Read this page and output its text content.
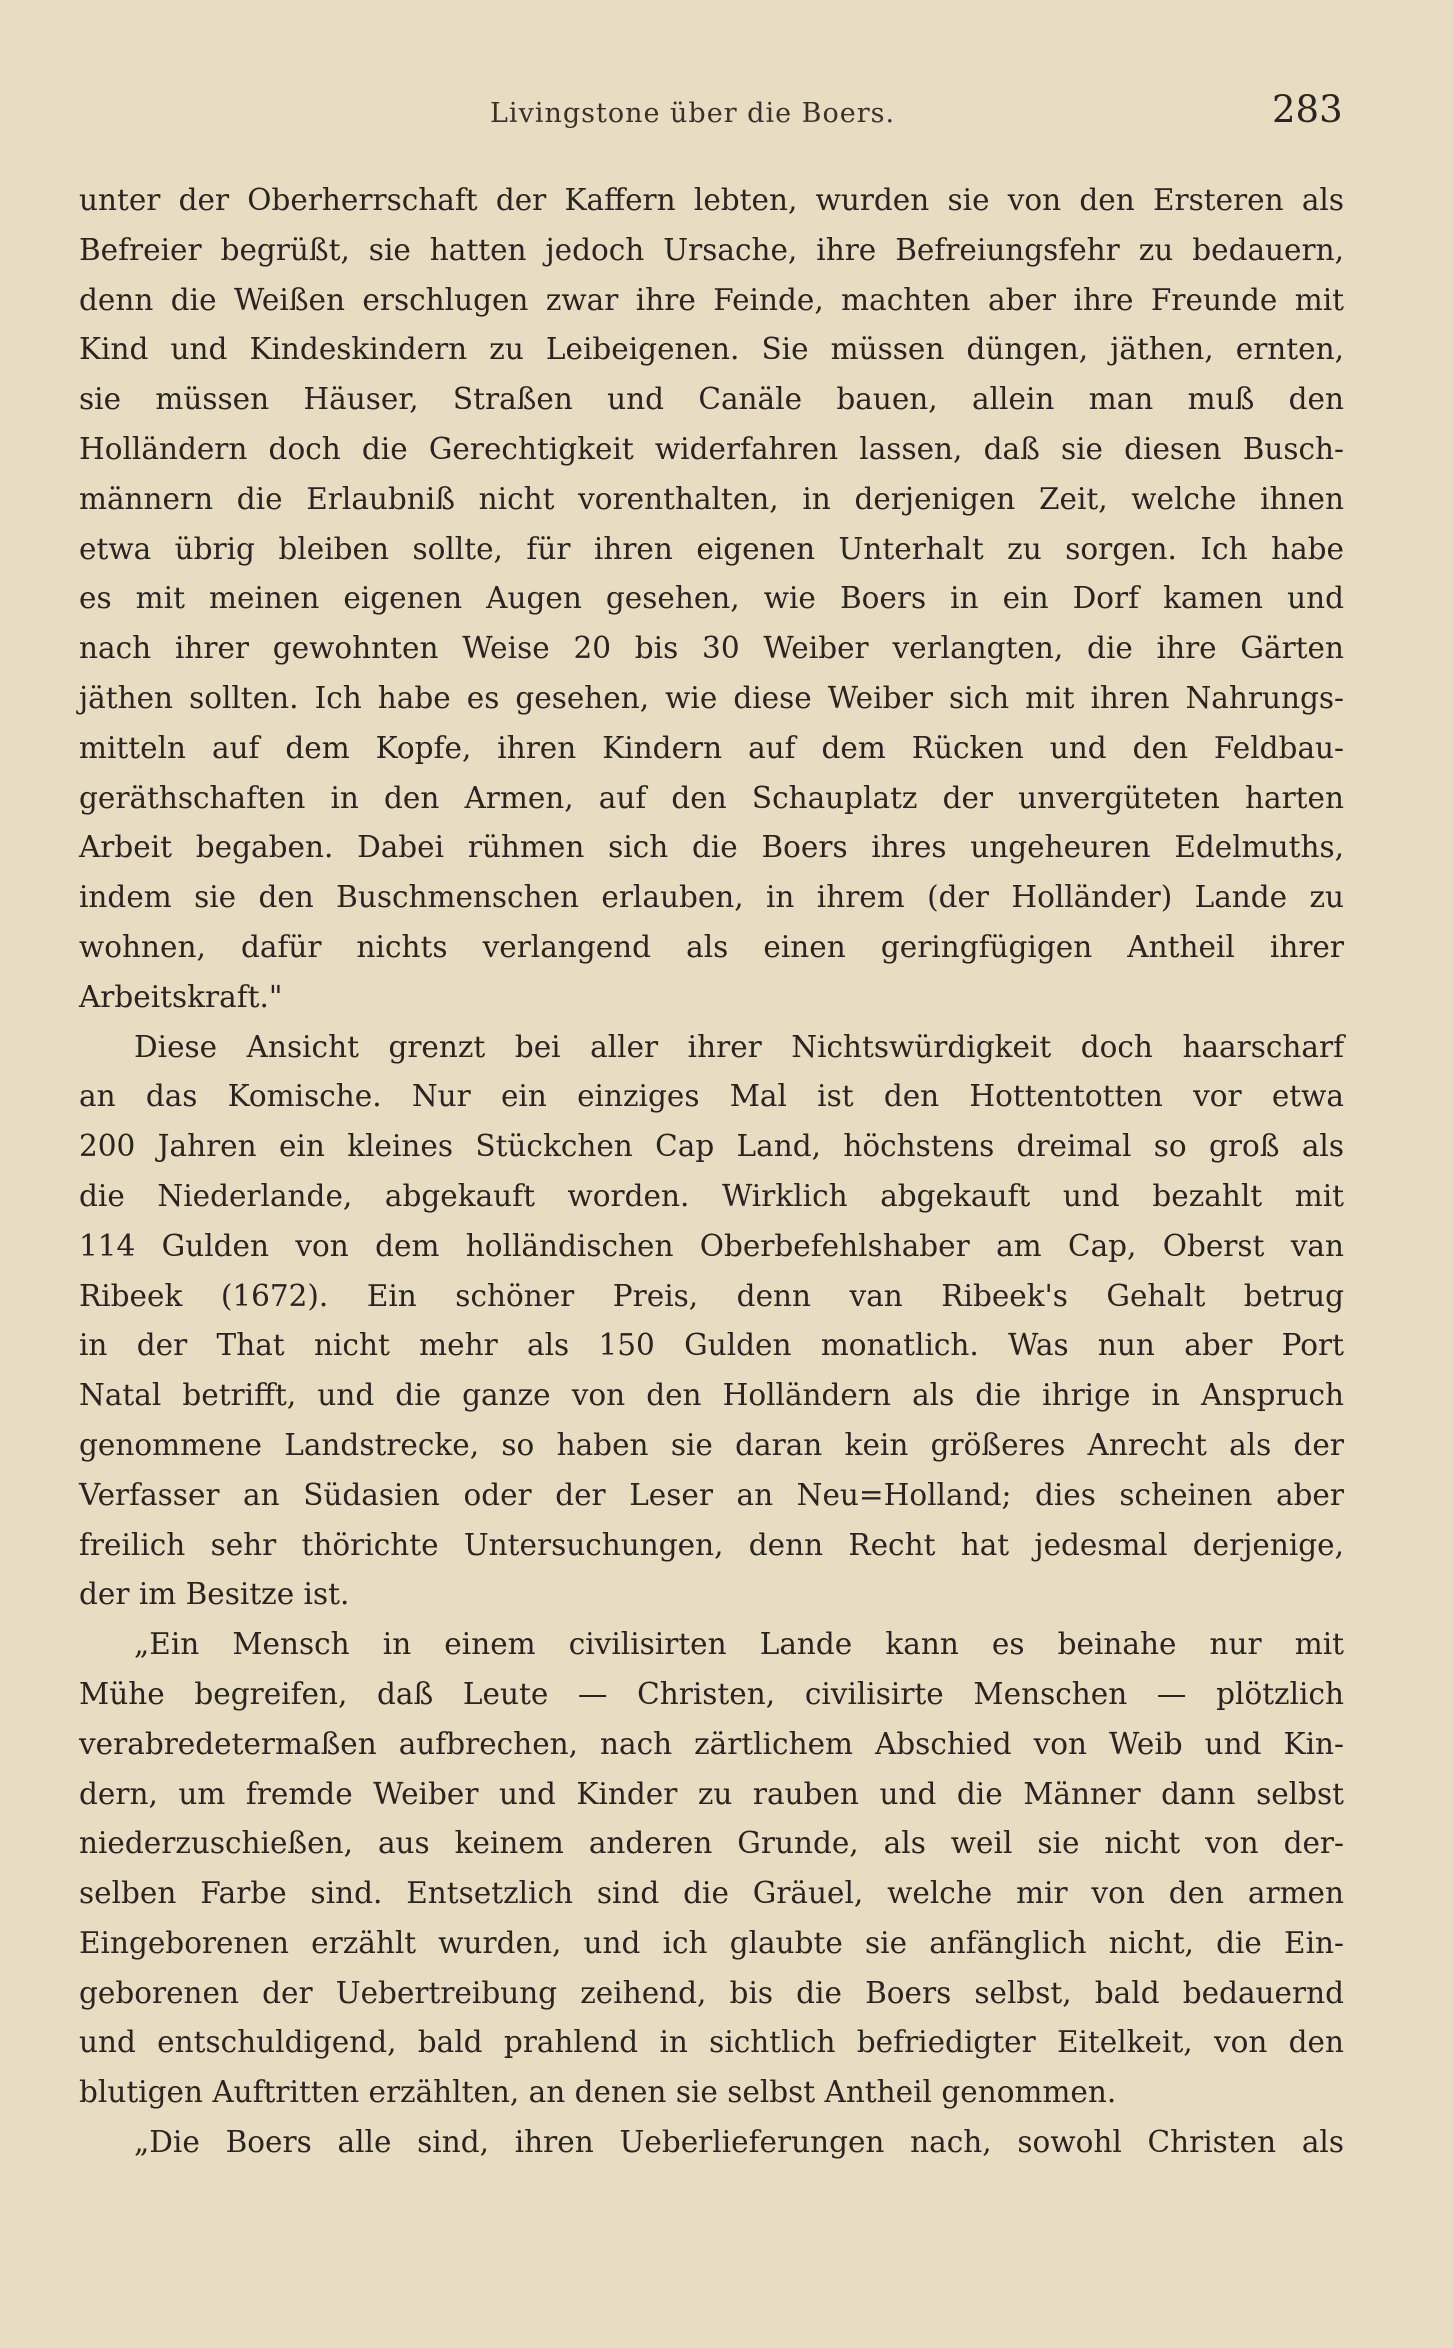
Livingstone über die Boers.	283
unter der Oberherrschaft der Kaffern lebten, wurden sie von den Ersteren als
Befreier begrüßt, sie hatten jedoch Ursache, ihre Befreiungsfehr zu bedauern,
denn die Weißen erschlugen zwar ihre Feinde, machten aber ihre Freunde mit
Kind und Kindeskindern zu Leibeigenen. Sie müssen düngen, jäthen, ernten,
sie müssen Häuser, Straßen und Canäle bauen, allein man muß den
Holländern doch die Gerechtigkeit widerfahren lassen, daß sie diesen Busch-
männern die Erlaubniß nicht vorenthalten, in derjenigen Zeit, welche ihnen
etwa übrig bleiben sollte, für ihren eigenen Unterhalt zu sorgen. Ich habe
es mit meinen eigenen Augen gesehen, wie Boers in ein Dorf kamen und
nach ihrer gewohnten Weise 20 bis 30 Weiber verlangten, die ihre Gärten
jäthen sollten. Ich habe es gesehen, wie diese Weiber sich mit ihren Nahrungs-
mitteln auf dem Kopfe, ihren Kindern auf dem Rücken und den Feldbau-
geräthschaften in den Armen, auf den Schauplatz der unvergüteten harten
Arbeit begaben. Dabei rühmen sich die Boers ihres ungeheuren Edelmuths,
indem sie den Buschmenschen erlauben, in ihrem (der Holländer) Lande zu
wohnen, dafür nichts verlangend als einen geringfügigen Antheil ihrer
Arbeitskraft."
Diese Ansicht grenzt bei aller ihrer Nichtswürdigkeit doch haarscharf
an das Komische. Nur ein einziges Mal ist den Hottentotten vor etwa
200 Jahren ein kleines Stückchen Cap Land, höchstens dreimal so groß als
die Niederlande, abgekauft worden. Wirklich abgekauft und bezahlt mit
114 Gulden von dem holländischen Oberbefehlshaber am Cap, Oberst van
Ribeek (1672). Ein schöner Preis, denn van Ribeek's Gehalt betrug
in der That nicht mehr als 150 Gulden monatlich. Was nun aber Port
Natal betrifft, und die ganze von den Holländern als die ihrige in Anspruch
genommene Landstrecke, so haben sie daran kein größeres Anrecht als der
Verfasser an Südasien oder der Leser an Neu=Holland; dies scheinen aber
freilich sehr thörichte Untersuchungen, denn Recht hat jedesmal derjenige,
der im Besitze ist.
„Ein Mensch in einem civilisirten Lande kann es beinahe nur mit
Mühe begreifen, daß Leute — Christen, civilisirte Menschen — plötzlich
verabredetermaßen aufbrechen, nach zärtlichem Abschied von Weib und Kin-
dern, um fremde Weiber und Kinder zu rauben und die Männer dann selbst
niederzuschießen, aus keinem anderen Grunde, als weil sie nicht von der-
selben Farbe sind. Entsetzlich sind die Gräuel, welche mir von den armen
Eingeborenen erzählt wurden, und ich glaubte sie anfänglich nicht, die Ein-
geborenen der Uebertreibung zeihend, bis die Boers selbst, bald bedauernd
und entschuldigend, bald prahlend in sichtlich befriedigter Eitelkeit, von den
blutigen Auftritten erzählten, an denen sie selbst Antheil genommen.
„Die Boers alle sind, ihren Ueberlieferungen nach, sowohl Christen als
